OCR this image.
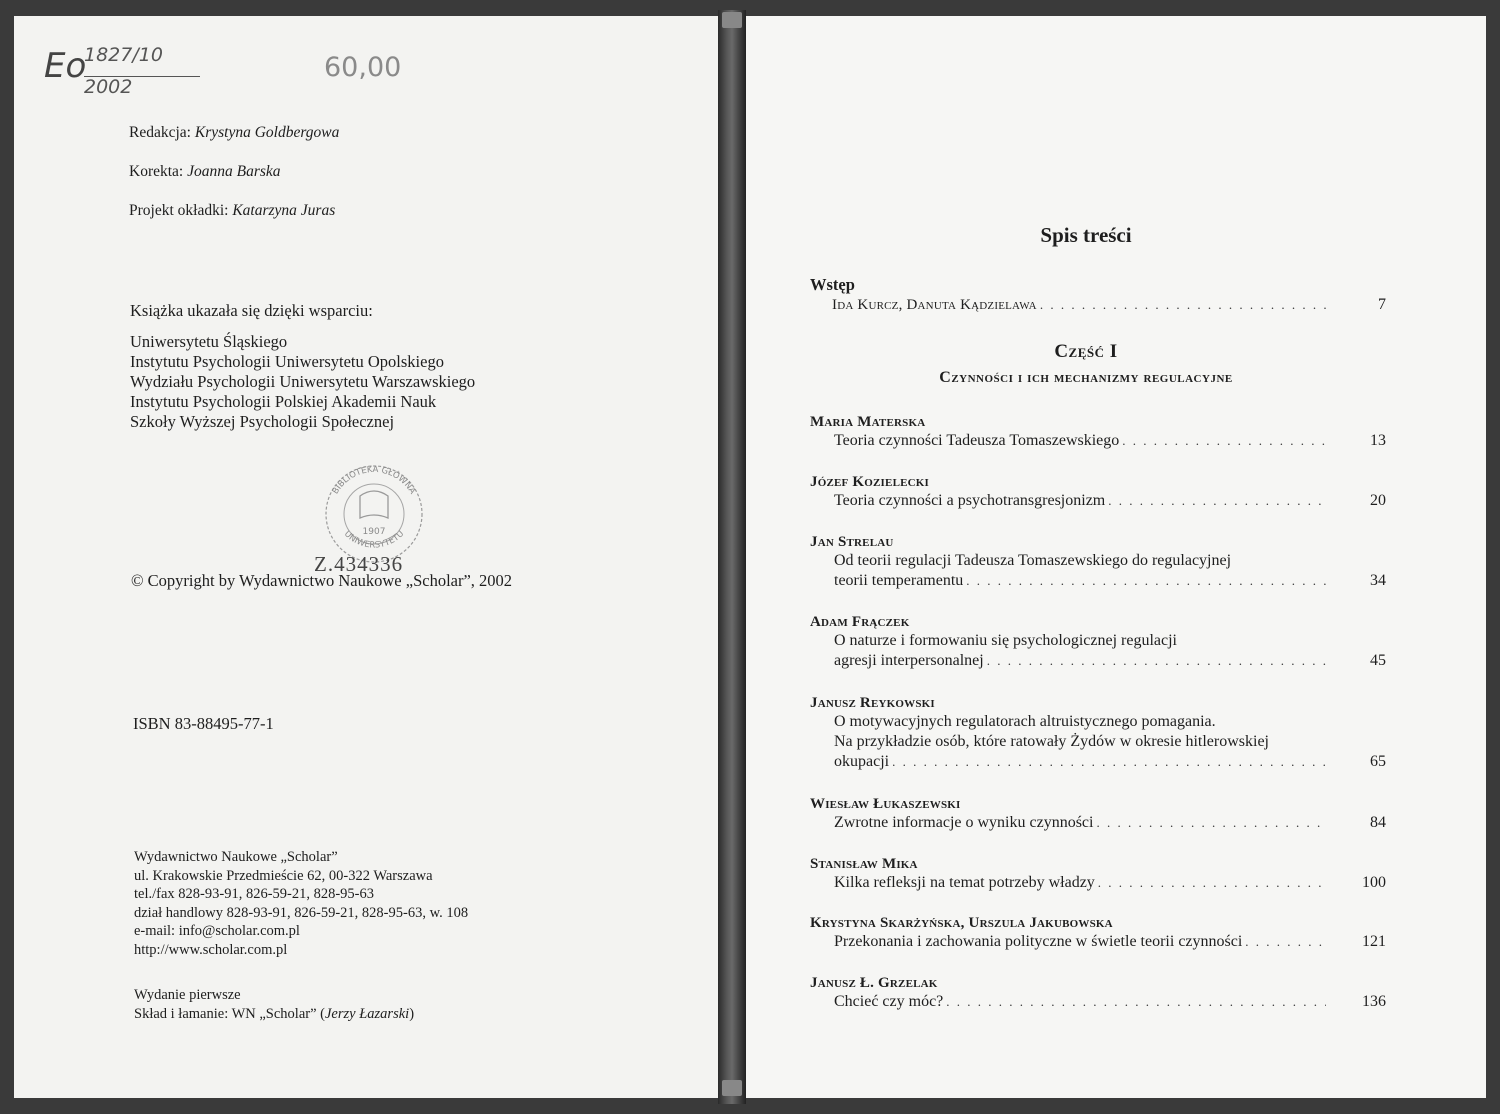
Eo
1827/10
2002
60,00
Redakcja: Krystyna Goldbergowa
Korekta: Joanna Barska
Projekt okładki: Katarzyna Juras
Książka ukazała się dzięki wsparciu:
Uniwersytetu Śląskiego
Instytutu Psychologii Uniwersytetu Opolskiego
Wydziału Psychologii Uniwersytetu Warszawskiego
Instytutu Psychologii Polskiej Akademii Nauk
Szkoły Wyższej Psychologii Społecznej
BIBLIOTEKA GŁÓWNA
UNIWERSYTETU
1907
Z.434336
© Copyright by Wydawnictwo Naukowe „Scholar”, 2002
ISBN 83-88495-77-1
Wydawnictwo Naukowe „Scholar”
ul. Krakowskie Przedmieście 62, 00-322 Warszawa
tel./fax 828-93-91, 826-59-21, 828-95-63
dział handlowy 828-93-91, 826-59-21, 828-95-63, w. 108
e-mail: info@scholar.com.pl
http://www.scholar.com.pl
Wydanie pierwsze
Skład i łamanie: WN „Scholar” (Jerzy Łazarski)
Spis treści
Wstęp
Ida Kurcz, Danuta Kądzielawa . . .	7
Część I
Czynności i ich mechanizmy regulacyjne
Maria Materska
Teoria czynności Tadeusza Tomaszewskiego . . .	13
Józef Kozielecki
Teoria czynności a psychotransgresjonizm . . .	20
Jan Strelau
Od teorii regulacji Tadeusza Tomaszewskiego do regulacyjnej
teorii temperamentu . . .	34
Adam Frączek
O naturze i formowaniu się psychologicznej regulacji
agresji interpersonalnej . . .	45
Janusz Reykowski
O motywacyjnych regulatorach altruistycznego pomagania.
Na przykładzie osób, które ratowały Żydów w okresie hitlerowskiej
okupacji . . .	65
Wiesław Łukaszewski
Zwrotne informacje o wyniku czynności . . .	84
Stanisław Mika
Kilka refleksji na temat potrzeby władzy . . .	100
Krystyna Skarżyńska, Urszula Jakubowska
Przekonania i zachowania polityczne w świetle teorii czynności . . .	121
Janusz Ł. Grzelak
Chcieć czy móc? . . .	136
